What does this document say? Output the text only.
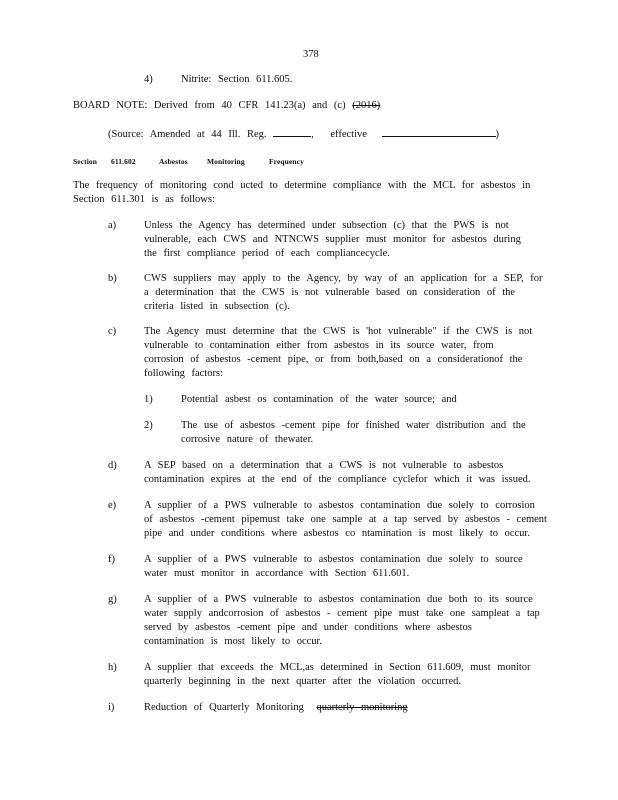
378
4)	Nitrite: Section 611.605.
BOARD NOTE: Derived from 40 CFR 141.23(a) and (c) (2016)
(Source: Amended at 44 Ill. Reg.	, effective	)
Section 611.602	Asbestos	Monitoring	Frequency
The frequency of monitoring cond ucted to determine compliance with the MCL for asbestos in
Section 611.301 is as follows:
a)	Unless the Agency has determined under subsection (c) that the PWS is not
vulnerable, each CWS and NTNCWS supplier must monitor for asbestos during
the first compliance period of each compliancecycle.
b)	CWS suppliers may apply to the Agency, by way of an application for a SEP, for
a determination that the CWS is not vulnerable based on consideration of the
criteria listed in subsection (c).
c)	The Agency must determine that the CWS is 'hot vulnerable" if the CWS is not
vulnerable to contamination either from asbestos in its source water, from
corrosion of asbestos -cement pipe, or from both,based on a considerationof the
following factors:
1)	Potential asbest os contamination of the water source; and
2)	The use of asbestos -cement pipe for finished water distribution and the
corrosive nature of thewater.
d)	A SEP based on a determination that a CWS is not vulnerable to asbestos
contamination expires at the end of the compliance cyclefor which it was issued.
e)	A supplier of a PWS vulnerable to asbestos contamination due solely to corrosion
of asbestos -cement pipemust take one sample at a tap served by asbestos - cement
pipe and under conditions where asbestos co ntamination is most likely to occur.
f)	A supplier of a PWS vulnerable to asbestos contamination due solely to source
water must monitor in accordance with Section 611.601.
g)	A supplier of a PWS vulnerable to asbestos contamination due both to its source
water supply andcorrosion of asbestos - cement pipe must take one sampleat a tap
served by asbestos -cement pipe and under conditions where asbestos
contamination is most likely to occur.
h)	A supplier that exceeds the MCL,as determined in Section 611.609, must monitor
quarterly beginning in the next quarter after the violation occurred.
i)	Reduction of Quarterly Monitoring quarterly monitoring
